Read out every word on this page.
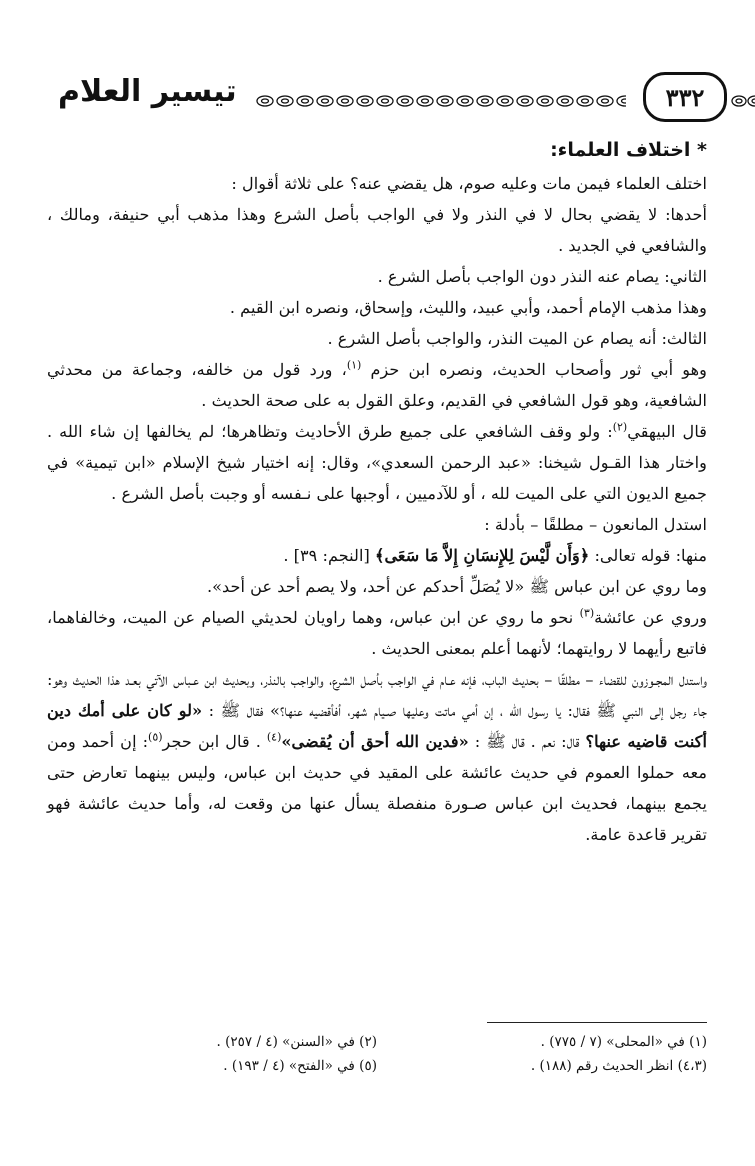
تيسير العلام	٣٣٢
* اختلاف العلماء:

اختلف العلماء فيمن مات وعليه صوم، هل يقضي عنه؟ على ثلاثة أقوال :

أحدها: لا يقضي بحال لا في النذر ولا في الواجب بأصل الشرع وهذا مذهب أبي حنيفة، ومالك ، والشافعي في الجديد .

الثاني: يصام عنه النذر دون الواجب بأصل الشرع .

وهذا مذهب الإمام أحمد، وأبي عبيد، والليث، وإسحاق، ونصره ابن القيم .

الثالث: أنه يصام عن الميت النذر، والواجب بأصل الشرع .

وهو أبي ثور وأصحاب الحديث، ونصره ابن حزم $^{(١)}$، ورد قول من خالفه، وجماعة من محدثي الشافعية، وهو قول الشافعي في القديم، وعلق القول به على صحة الحديث .

قال البيهقي$^{(٢)}$: ولو وقف الشافعي على جميع طرق الأحاديث وتظاهرها؛ لم يخالفها إن شاء الله . واختار هذا القـول شيخنا: «عبد الرحمن السعدي»، وقال: إنه اختيار شيخ الإسلام «ابن تيمية» في جميع الديون التي على الميت لله ، أو للآدميين ، أوجبها على نـفسه أو وجبت بأصل الشرع .

استدل المانعون – مطلقًا – بأدلة :

منها: قوله تعالى: ﴿وَأَن لَّيْسَ لِلإِنسَانِ إِلاَّ مَا سَعَى﴾ [النجم: ٣٩] .

وما روي عن ابن عباس ﷺ «لا يُصَلِّ أحدكم عن أحد، ولا يصم أحد عن أحد».

وروي عن عائشة$^{(٣)}$ نحو ما روي عن ابن عباس، وهما راويان لحديثي الصيام عن الميت، وخالفاهما، فاتبع رأيهما لا روايتهما؛ لأنهما أعلم بمعنى الحديث .

واستدل المجـوزون للقضاء – مطلقًا – بحديث الباب، فإنه عـام في الواجب بأصل الشرع، والواجب بالنذر، وبحديث ابن عـباس الآتي بعـد هذا الحديث وهو: جاء رجل إلى النبي ﷺ فقال: يا رسول الله ، إن أمي ماتت وعليها صـيام شهر، أفأقضيه عنها؟» فقال ﷺ : «لو كان على أمك دين أكنت قاضيه عنها؟ قال: نعم . قال ﷺ : «فدين الله أحق أن يُقضى»$^{(٤)}$ . قال ابن حجر$^{(٥)}$: إن أحمد ومن معه حملوا العموم في حديث عائشة على المقيد في حديث ابن عباس، وليس بينهما تعارض حتى يجمع بينهما، فحديث ابن عباس صـورة منفصلة يسأل عنها من وقعت له، وأما حديث عائشة فهو تقرير قاعدة عامة.

(١) في «المحلى» (٧ / ٧٧٥) .
(٢) في «السنن» (٤ / ٢٥٧) .
(٤،٣) انظر الحديث رقم (١٨٨) .
(٥) في «الفتح» (٤ / ١٩٣) .
